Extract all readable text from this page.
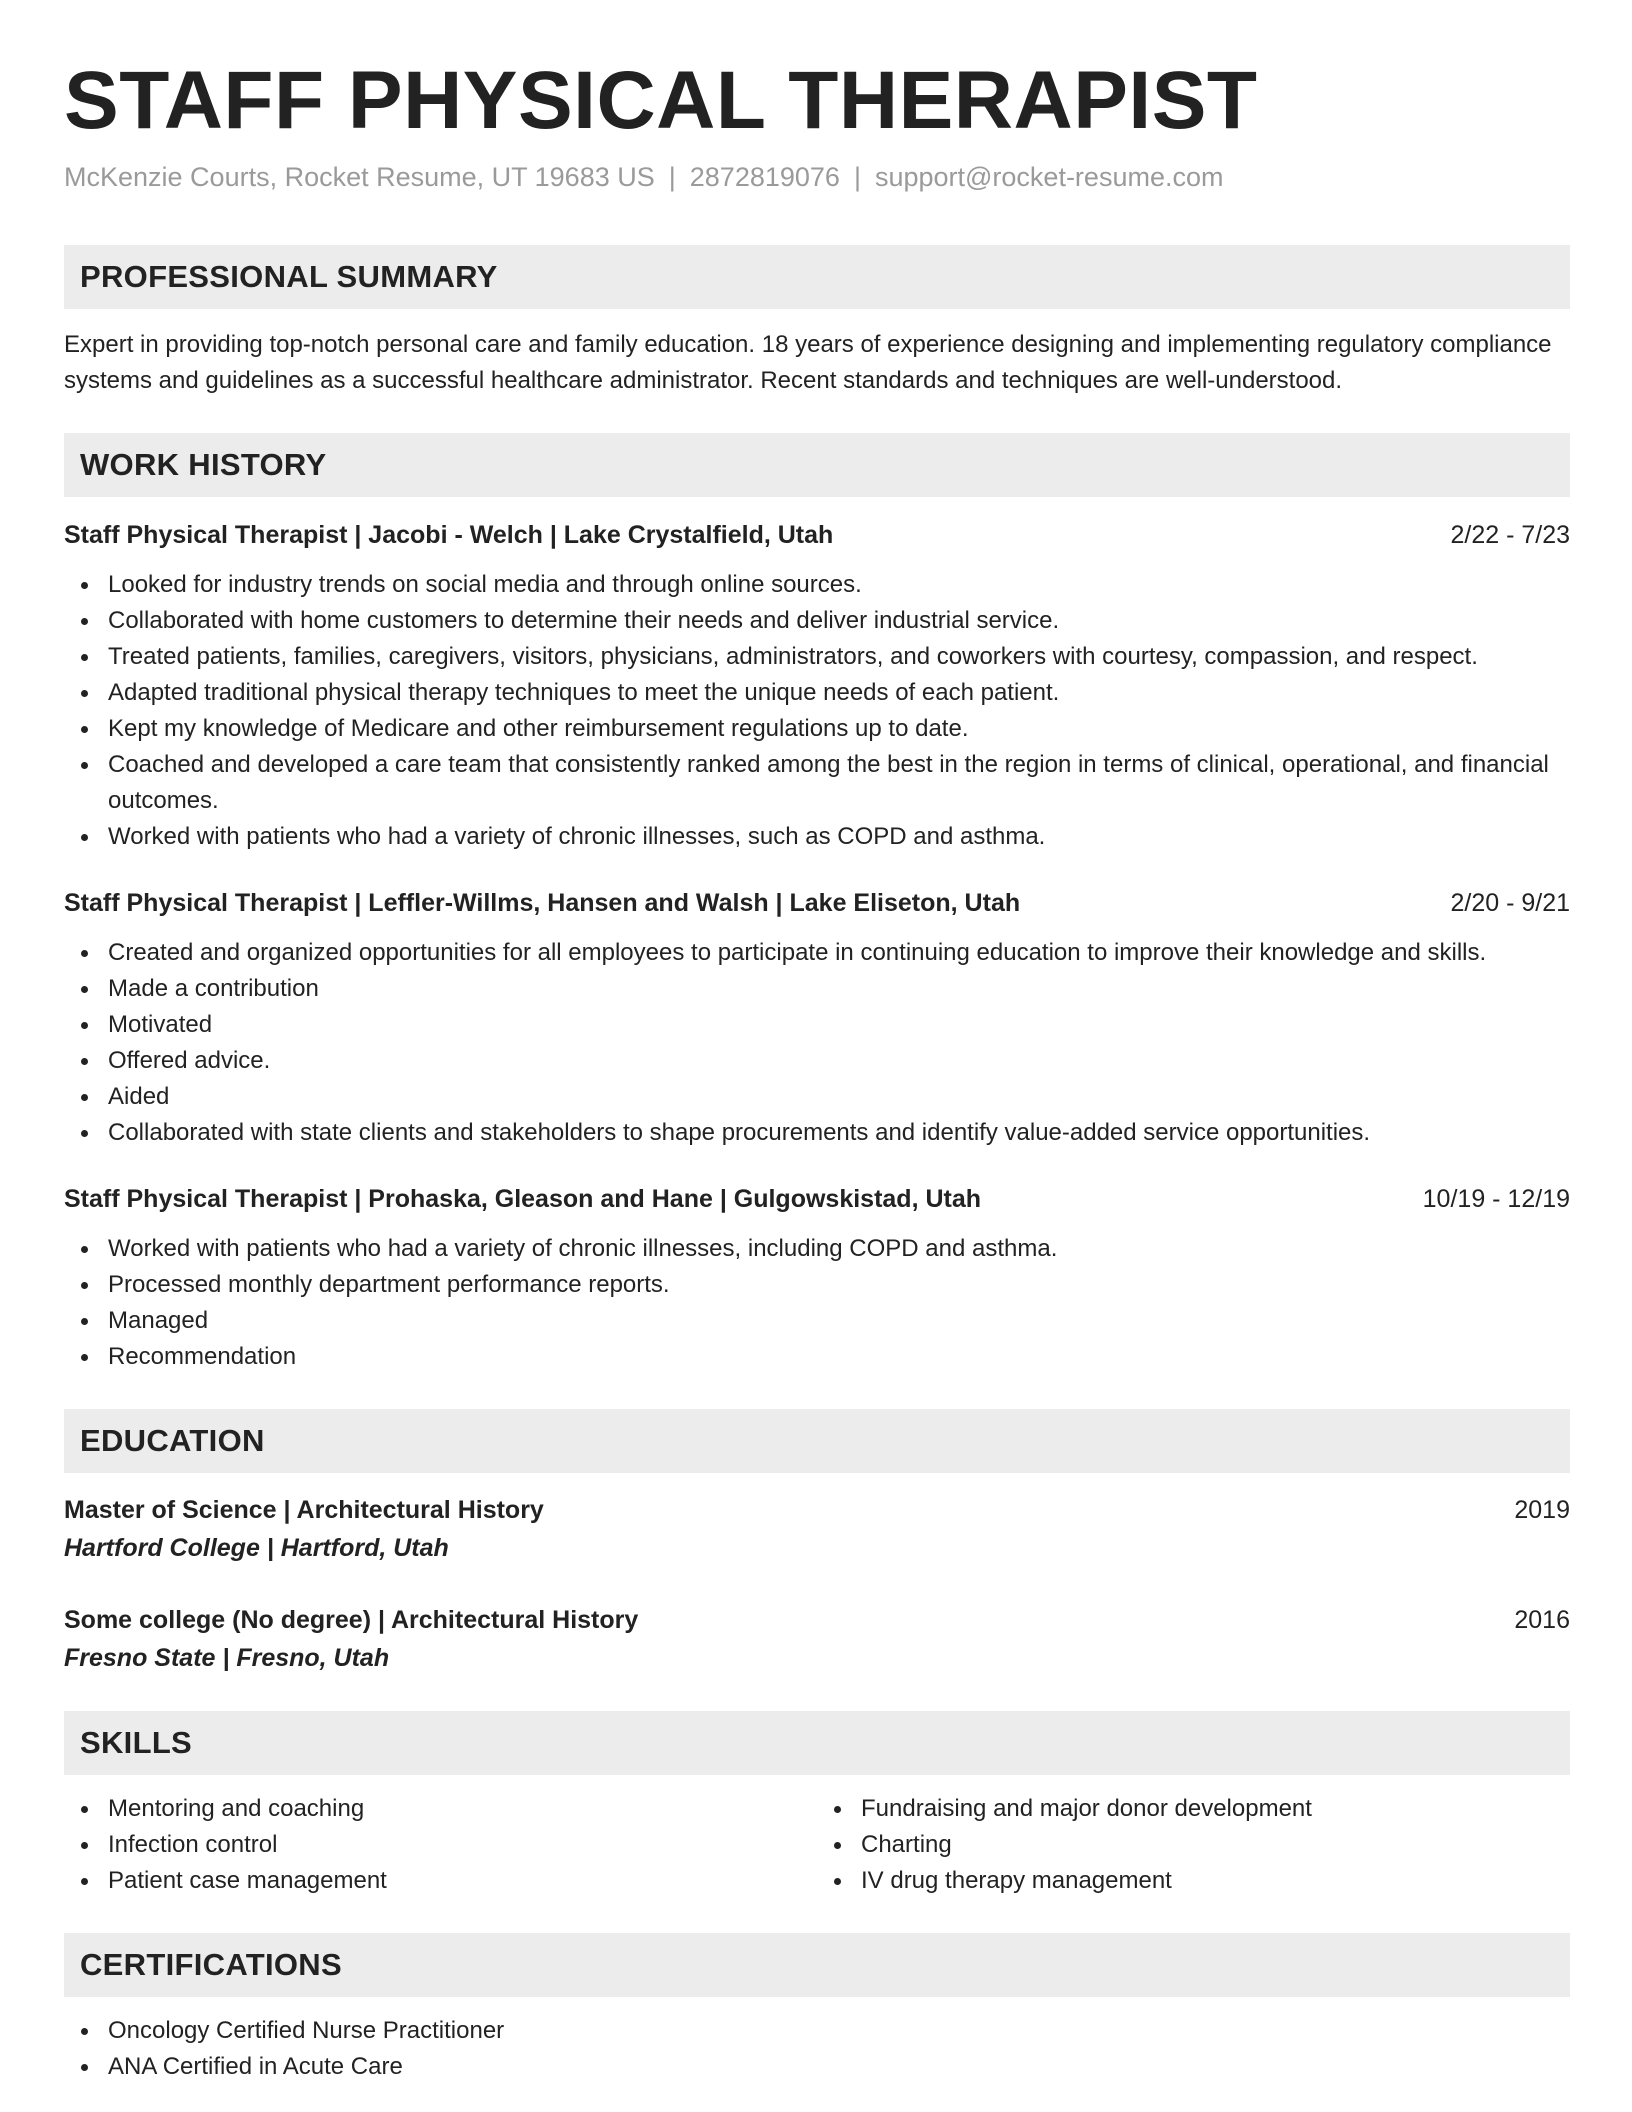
STAFF PHYSICAL THERAPIST
McKenzie Courts, Rocket Resume, UT 19683 US | 2872819076 | support@rocket-resume.com
PROFESSIONAL SUMMARY

Expert in providing top-notch personal care and family education. 18 years of experience designing and implementing regulatory compliance systems and guidelines as a successful healthcare administrator. Recent standards and techniques are well-understood.

WORK HISTORY
Staff Physical Therapist | Jacobi - Welch | Lake Crystalfield, Utah	2/22 - 7/23
Looked for industry trends on social media and through online sources.
Collaborated with home customers to determine their needs and deliver industrial service.
Treated patients, families, caregivers, visitors, physicians, administrators, and coworkers with courtesy, compassion, and respect.
Adapted traditional physical therapy techniques to meet the unique needs of each patient.
Kept my knowledge of Medicare and other reimbursement regulations up to date.
Coached and developed a care team that consistently ranked among the best in the region in terms of clinical, operational, and financial outcomes.
Worked with patients who had a variety of chronic illnesses, such as COPD and asthma.
Staff Physical Therapist | Leffler-Willms, Hansen and Walsh | Lake Eliseton, Utah	2/20 - 9/21
Created and organized opportunities for all employees to participate in continuing education to improve their knowledge and skills.
Made a contribution
Motivated
Offered advice.
Aided
Collaborated with state clients and stakeholders to shape procurements and identify value-added service opportunities.
Staff Physical Therapist | Prohaska, Gleason and Hane | Gulgowskistad, Utah	10/19 - 12/19
Worked with patients who had a variety of chronic illnesses, including COPD and asthma.
Processed monthly department performance reports.
Managed
Recommendation
EDUCATION
Master of Science | Architectural History	2019
Hartford College | Hartford, Utah
Some college (No degree) | Architectural History	2016
Fresno State | Fresno, Utah
SKILLS
Mentoring and coaching
Infection control
Patient case management
Fundraising and major donor development
Charting
IV drug therapy management
CERTIFICATIONS
Oncology Certified Nurse Practitioner
ANA Certified in Acute Care
